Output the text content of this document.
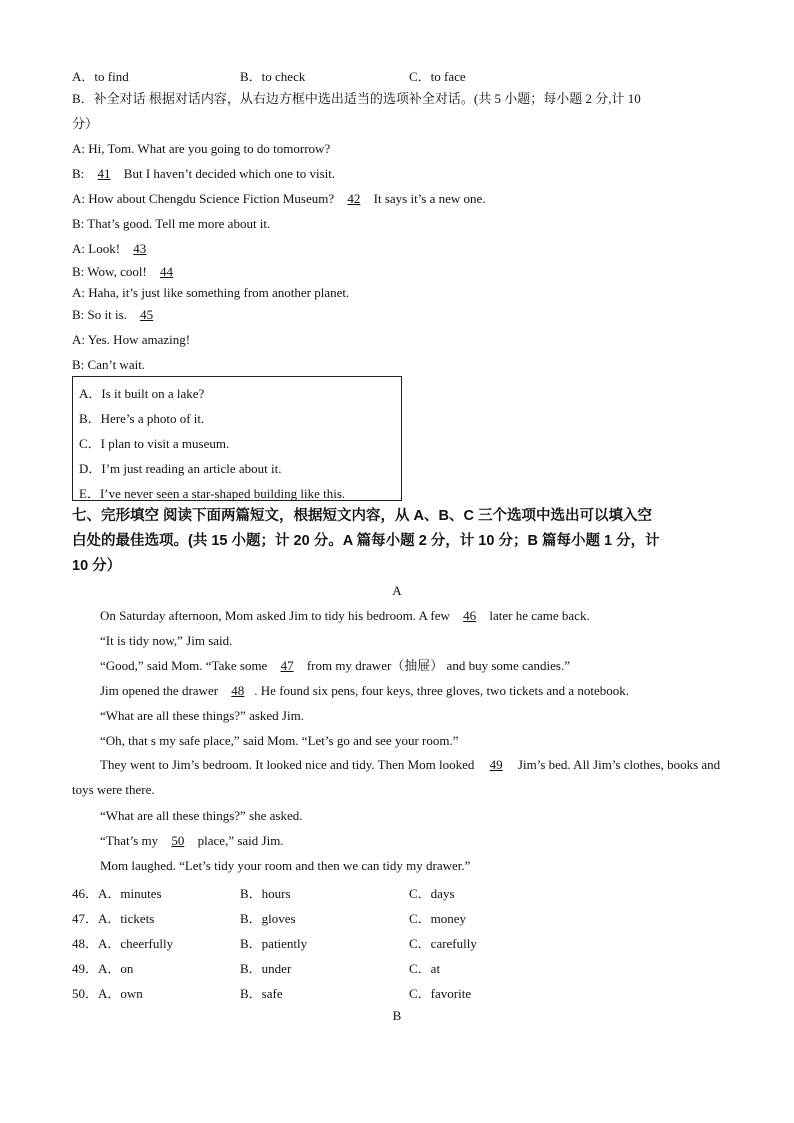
A．to find	B．to check	C．to face
B．补全对话 根据对话内容，从右边方框中选出适当的选项补全对话。(共 5 小题；每小题 2 分,计 10
分）
A: Hi, Tom. What are you going to do tomorrow?
B: 41 But I haven’t decided which one to visit.
A: How about Chengdu Science Fiction Museum? 42 It says it’s a new one.
B: That’s good. Tell me more about it.
A: Look! 43
B: Wow, cool! 44
A: Haha, it’s just like something from another planet.
B: So it is. 45
A: Yes. How amazing!
B: Can’t wait.
A．Is it built on a lake?
B．Here’s a photo of it.
C．I plan to visit a museum.
D．I’m just reading an article about it.
E．I’ve never seen a star-shaped building like this.
七、完形填空 阅读下面两篇短文，根据短文内容，从 A、B、C 三个选项中选出可以填入空
白处的最佳选项。(共 15 小题；计 20 分。A 篇每小题 2 分，计 10 分；B 篇每小题 1 分，计
10 分）
A
On Saturday afternoon, Mom asked Jim to tidy his bedroom. A few 46 later he came back.
“It is tidy now,” Jim said.
“Good,” said Mom. “Take some 47 from my drawer（抽屉） and buy some candies.”
Jim opened the drawer 48 . He found six pens, four keys, three gloves, two tickets and a notebook.
“What are all these things?” asked Jim.
“Oh, that s my safe place,” said Mom. “Let’s go and see your room.”
They went to Jim’s bedroom. It looked nice and tidy. Then Mom looked 49 Jim’s bed. All Jim’s clothes, books and toys were there.
“What are all these things?” she asked.
“That’s my 50 place,” said Jim.
Mom laughed. “Let’s tidy your room and then we can tidy my drawer.”
46．A．minutes	B．hours	C．days
47．A．tickets	B．gloves	C．money
48．A．cheerfully	B．patiently	C．carefully
49．A．on	B．under	C．at
50．A．own	B．safe	C．favorite
B
